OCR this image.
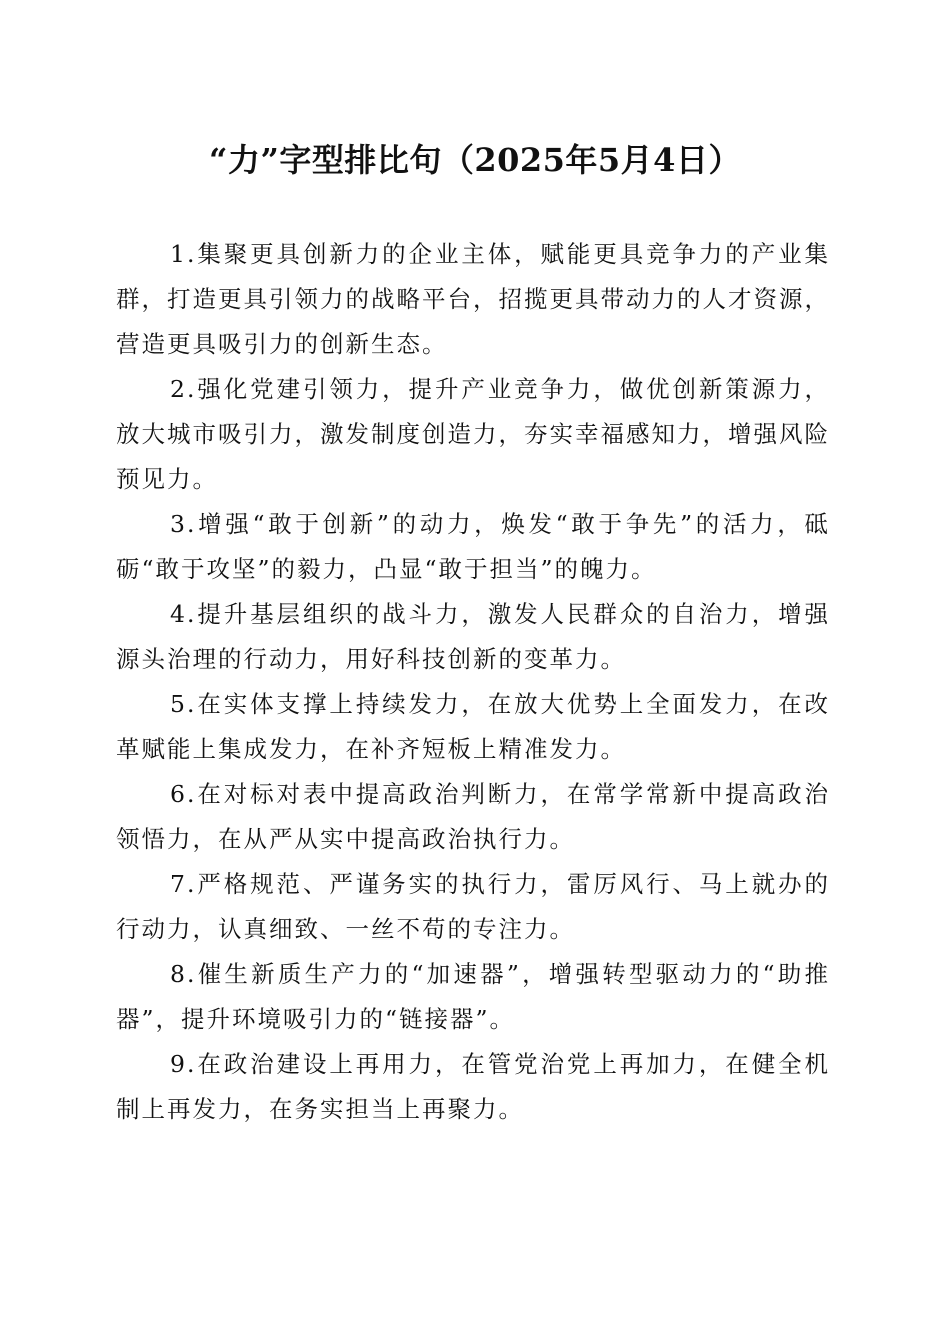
“力”字型排比句（2025年5月4日）

1.集聚更具创新力的企业主体，赋能更具竞争力的产业集群，打造更具引领力的战略平台，招揽更具带动力的人才资源，营造更具吸引力的创新生态。

2.强化党建引领力，提升产业竞争力，做优创新策源力，放大城市吸引力，激发制度创造力，夯实幸福感知力，增强风险预见力。

3.增强“敢于创新”的动力，焕发“敢于争先”的活力，砥砺“敢于攻坚”的毅力，凸显“敢于担当”的魄力。

4.提升基层组织的战斗力，激发人民群众的自治力，增强源头治理的行动力，用好科技创新的变革力。

5.在实体支撑上持续发力，在放大优势上全面发力，在改革赋能上集成发力，在补齐短板上精准发力。

6.在对标对表中提高政治判断力，在常学常新中提高政治领悟力，在从严从实中提高政治执行力。

7.严格规范、严谨务实的执行力，雷厉风行、马上就办的行动力，认真细致、一丝不苟的专注力。

8.催生新质生产力的“加速器”，增强转型驱动力的“助推器”，提升环境吸引力的“链接器”。

9.在政治建设上再用力，在管党治党上再加力，在健全机制上再发力，在务实担当上再聚力。
